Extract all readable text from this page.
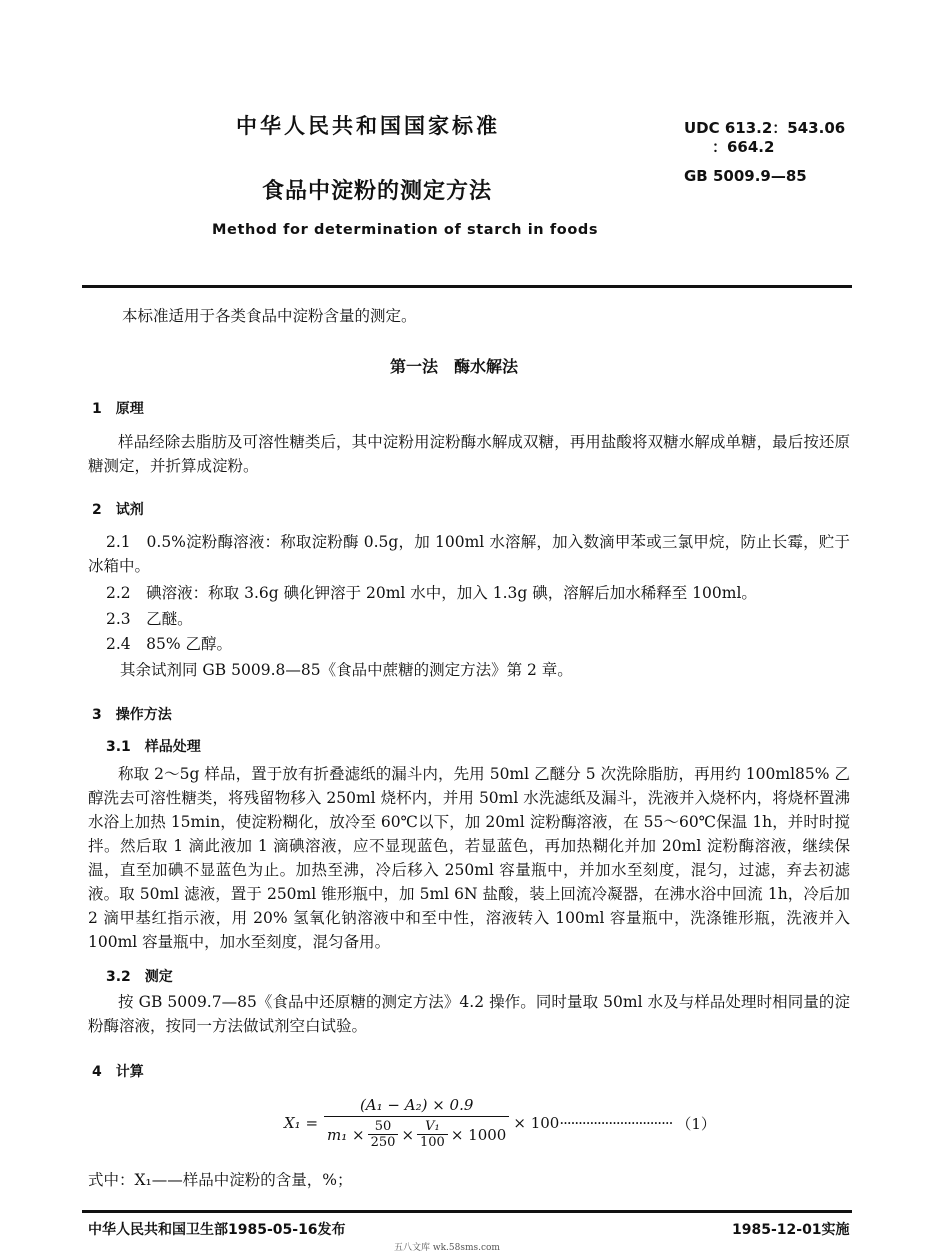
中华人民共和国国家标准	UDC 613.2：543.06
：664.2
GB 5009.9—85
食品中淀粉的测定方法
Method for determination of starch in foods
本标准适用于各类食品中淀粉含量的测定。
第一法　酶水解法
1　原理
样品经除去脂肪及可溶性糖类后，其中淀粉用淀粉酶水解成双糖，再用盐酸将双糖水解成单糖，最后按还原糖测定，并折算成淀粉。
2　试剂
2.1　0.5%淀粉酶溶液：称取淀粉酶 0.5g，加 100ml 水溶解，加入数滴甲苯或三氯甲烷，防止长霉，贮于冰箱中。
2.2　碘溶液：称取 3.6g 碘化钾溶于 20ml 水中，加入 1.3g 碘，溶解后加水稀释至 100ml。
2.3　乙醚。
2.4　85% 乙醇。
其余试剂同 GB 5009.8—85《食品中蔗糖的测定方法》第 2 章。
3　操作方法
3.1　样品处理
称取 2～5g 样品，置于放有折叠滤纸的漏斗内，先用 50ml 乙醚分 5 次洗除脂肪，再用约 100ml85% 乙醇洗去可溶性糖类，将残留物移入 250ml 烧杯内，并用 50ml 水洗滤纸及漏斗，洗液并入烧杯内，将烧杯置沸水浴上加热 15min，使淀粉糊化，放冷至 60℃以下，加 20ml 淀粉酶溶液，在 55～60℃保温 1h，并时时搅拌。然后取 1 滴此液加 1 滴碘溶液，应不显现蓝色，若显蓝色，再加热糊化并加 20ml 淀粉酶溶液，继续保温，直至加碘不显蓝色为止。加热至沸，冷后移入 250ml 容量瓶中，并加水至刻度，混匀，过滤，弃去初滤液。取 50ml 滤液，置于 250ml 锥形瓶中，加 5ml 6N 盐酸，装上回流冷凝器，在沸水浴中回流 1h，冷后加 2 滴甲基红指示液，用 20% 氢氧化钠溶液中和至中性，溶液转入 100ml 容量瓶中，洗涤锥形瓶，洗液并入 100ml 容量瓶中，加水至刻度，混匀备用。
3.2　测定
按 GB 5009.7—85《食品中还原糖的测定方法》4.2 操作。同时量取 50ml 水及与样品处理时相同量的淀粉酶溶液，按同一方法做试剂空白试验。
4　计算
X₁ =
(A₁ − A₂) × 0.9
$m_1 \times \frac{50}{250} \times \frac{\text{V₁}}{100} \times 1000$
× 100 ······························ （1）
式中：X₁——样品中淀粉的含量，%；
中华人民共和国卫生部1985-05-16发布	1985-12-01实施
五八文库 wk.58sms.com
